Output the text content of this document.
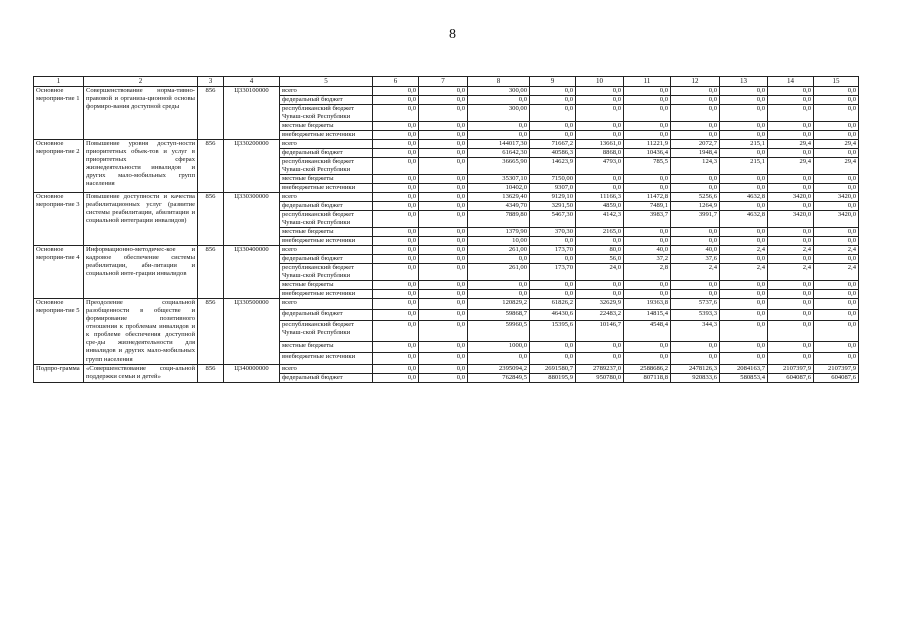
8
1	2	3	4	5	6	7	8	9	10	11	12	13	14	15
Основное мероприя-тие 1	Совершенствование норма-тивно-правовой и организа-ционной основы формиро-вания доступной среды	856	Ц330100000	всего	0,0	0,0	300,00	0,0	0,0	0,0	0,0	0,0	0,0	0,0
				федеральный бюджет	0,0	0,0	0,0	0,0	0,0	0,0	0,0	0,0	0,0	0,0
				республиканский бюджет Чуваш-ской Республики	0,0	0,0	300,00	0,0	0,0	0,0	0,0	0,0	0,0	0,0
				местные бюджеты	0,0	0,0	0,0	0,0	0,0	0,0	0,0	0,0	0,0	0,0
				внебюджетные источники	0,0	0,0	0,0	0,0	0,0	0,0	0,0	0,0	0,0	0,0
Основное мероприя-тие 2	Повышение уровня доступ-ности приоритетных объек-тов и услуг в приоритетных сферах жизнедеятельности инвалидов и других мало-мобильных групп населения	856	Ц330200000	всего	0,0	0,0	144017,30	71667,2	13661,0	11221,9	2072,7	215,1	29,4	29,4
				федеральный бюджет	0,0	0,0	61642,30	40586,3	8868,0	10436,4	1948,4	0,0	0,0	0,0
				республиканский бюджет Чуваш-ской Республики	0,0	0,0	36665,90	14623,9	4793,0	785,5	124,3	215,1	29,4	29,4
				местные бюджеты	0,0	0,0	35307,10	7150,00	0,0	0,0	0,0	0,0	0,0	0,0
				внебюджетные источники	0,0	0,0	10402,0	9307,0	0,0	0,0	0,0	0,0	0,0	0,0
Основное мероприя-тие 3	Повышение доступности и качества реабилитационных услуг (развитие системы реабилитации, абилитации и социальной интеграции инвалидов)	856	Ц330300000	всего	0,0	0,0	13629,40	9129,10	11166,3	11472,8	5256,6	4632,8	3420,0	3420,0
				федеральный бюджет	0,0	0,0	4349,70	3291,50	4859,0	7489,1	1264,9	0,0	0,0	0,0
				республиканский бюджет Чуваш-ской Республики	0,0	0,0	7889,80	5467,30	4142,3	3983,7	3991,7	4632,8	3420,0	3420,0
				местные бюджеты	0,0	0,0	1379,90	370,30	2165,0	0,0	0,0	0,0	0,0	0,0
				внебюджетные источники	0,0	0,0	10,00	0,0	0,0	0,0	0,0	0,0	0,0	0,0
Основное мероприя-тие 4	Информационно-методичес-кое и кадровое обеспечение системы реабилитации, аби-литации и социальной инте-грации инвалидов	856	Ц330400000	всего	0,0	0,0	261,00	173,70	80,0	40,0	40,0	2,4	2,4	2,4
				федеральный бюджет	0,0	0,0	0,0	0,0	56,0	37,2	37,6	0,0	0,0	0,0
				республиканский бюджет Чуваш-ской Республики	0,0	0,0	261,00	173,70	24,0	2,8	2,4	2,4	2,4	2,4
				местные бюджеты	0,0	0,0	0,0	0,0	0,0	0,0	0,0	0,0	0,0	0,0
				внебюджетные источники	0,0	0,0	0,0	0,0	0,0	0,0	0,0	0,0	0,0	0,0
Основное мероприя-тие 5	Преодоление социальной разобщенности в обществе и формирование позитивного отношения к проблемам инвалидов и к проблеме обеспечения доступной сре-ды жизнедеятельности для инвалидов и других мало-мобильных групп населения	856	Ц330500000	всего	0,0	0,0	120829,2	61826,2	32629,9	19363,8	5737,6	0,0	0,0	0,0
				федеральный бюджет	0,0	0,0	59868,7	46430,6	22483,2	14815,4	5393,3	0,0	0,0	0,0
				республиканский бюджет Чуваш-ской Республики	0,0	0,0	59960,5	15395,6	10146,7	4548,4	344,3	0,0	0,0	0,0
				местные бюджеты	0,0	0,0	1000,0	0,0	0,0	0,0	0,0	0,0	0,0	0,0
				внебюджетные источники	0,0	0,0	0,0	0,0	0,0	0,0	0,0	0,0	0,0	0,0
Подпро-грамма	«Совершенствование соци-альной поддержки семьи и детей»	856	Ц340000000	всего	0,0	0,0	2395094,2	2691580,7	2789237,0	2588686,2	2478126,3	2084163,7	2107397,9	2107397,9
				федеральный бюджет	0,0	0,0	762849,5	880195,9	950780,0	807118,8	920833,6	580853,4	604087,6	604087,6
